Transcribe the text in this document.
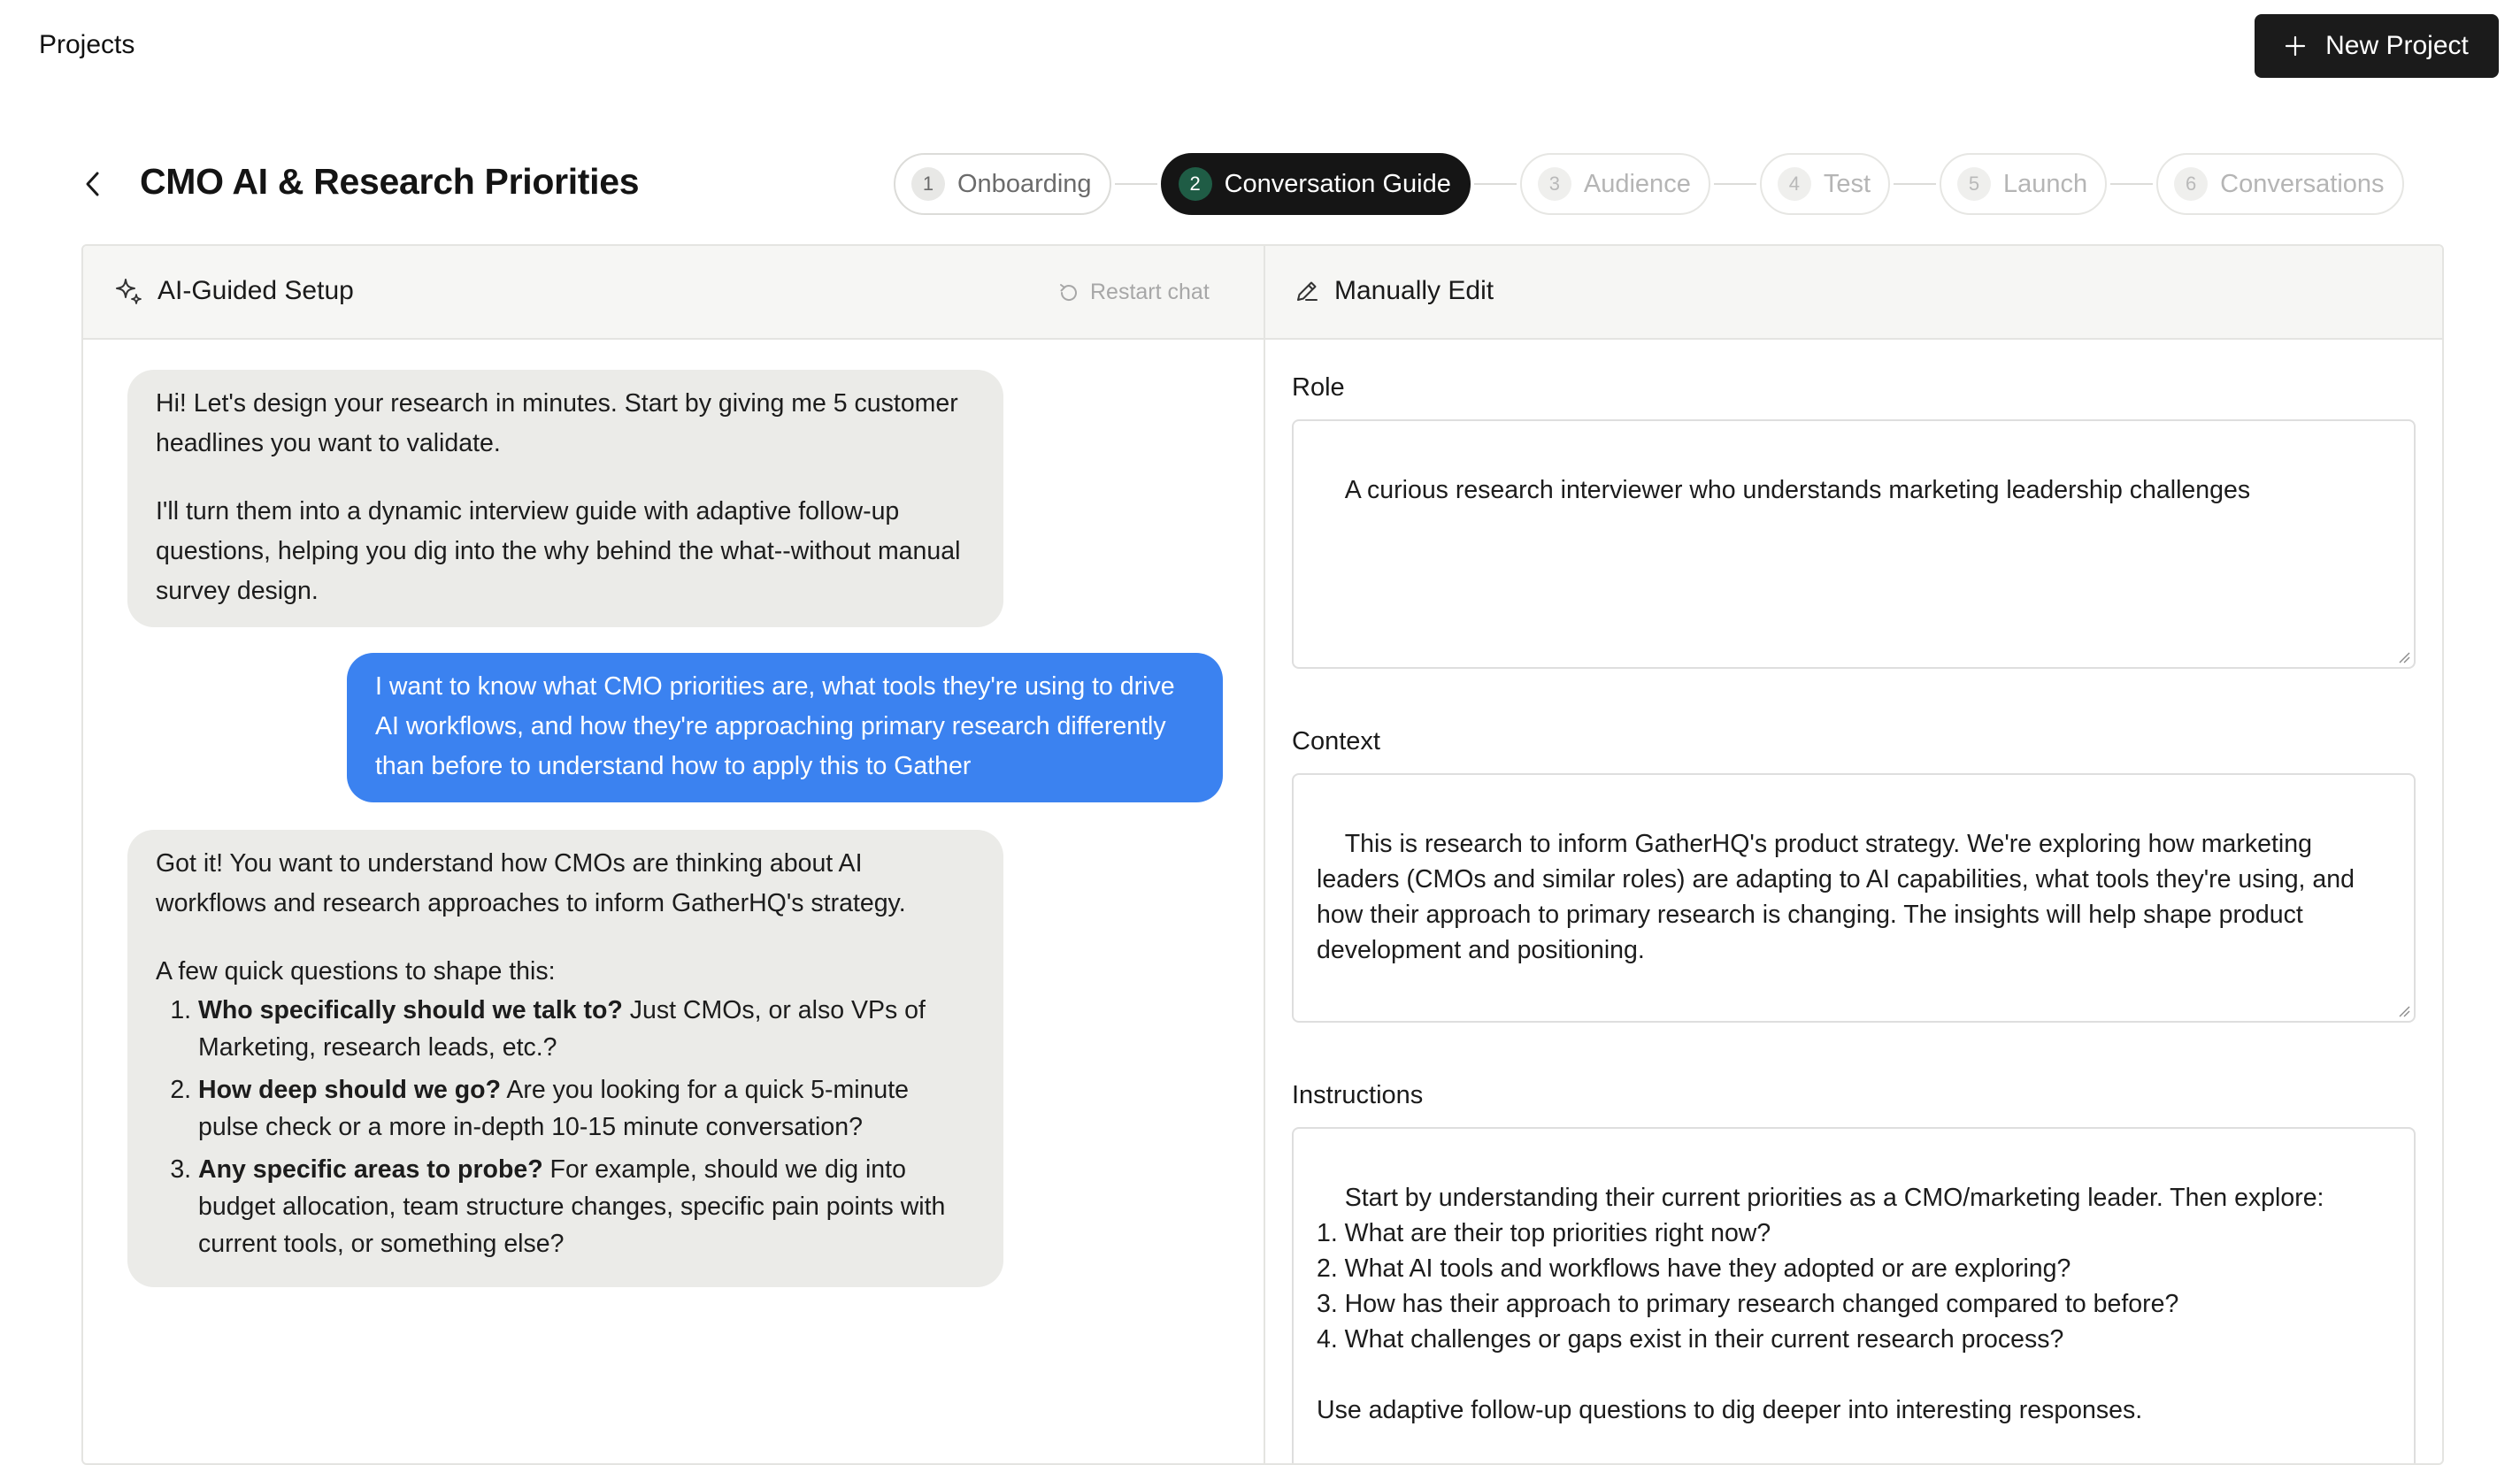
Projects	New Project
CMO AI & Research Priorities	1 Onboarding	2 Conversation Guide	3 Audience	4 Test	5 Launch	6 Conversations
AI-Guided Setup	Restart chat	Manually Edit

Hi! Let's design your research in minutes. Start by giving me 5 customer headlines you want to validate.

I'll turn them into a dynamic interview guide with adaptive follow-up questions, helping you dig into the why behind the what--without manual survey design.

I want to know what CMO priorities are, what tools they're using to drive AI workflows, and how they're approaching primary research differently than before to understand how to apply this to Gather

Got it! You want to understand how CMOs are thinking about AI workflows and research approaches to inform GatherHQ's strategy.

A few quick questions to shape this:

1. Who specifically should we talk to? Just CMOs, or also VPs of Marketing, research leads, etc.?
2. How deep should we go? Are you looking for a quick 5-minute pulse check or a more in-depth 10-15 minute conversation?
3. Any specific areas to probe? For example, should we dig into budget allocation, team structure changes, specific pain points with current tools, or something else?
Role

A curious research interviewer who understands marketing leadership challenges

Context

This is research to inform GatherHQ's product strategy. We're exploring how marketing leaders (CMOs and similar roles) are adapting to AI capabilities, what tools they're using, and how their approach to primary research is changing. The insights will help shape product development and positioning.

Instructions

Start by understanding their current priorities as a CMO/marketing leader. Then explore:
1. What are their top priorities right now?
2. What AI tools and workflows have they adopted or are exploring?
3. How has their approach to primary research changed compared to before?
4. What challenges or gaps exist in their current research process?

Use adaptive follow-up questions to dig deeper into interesting responses.
